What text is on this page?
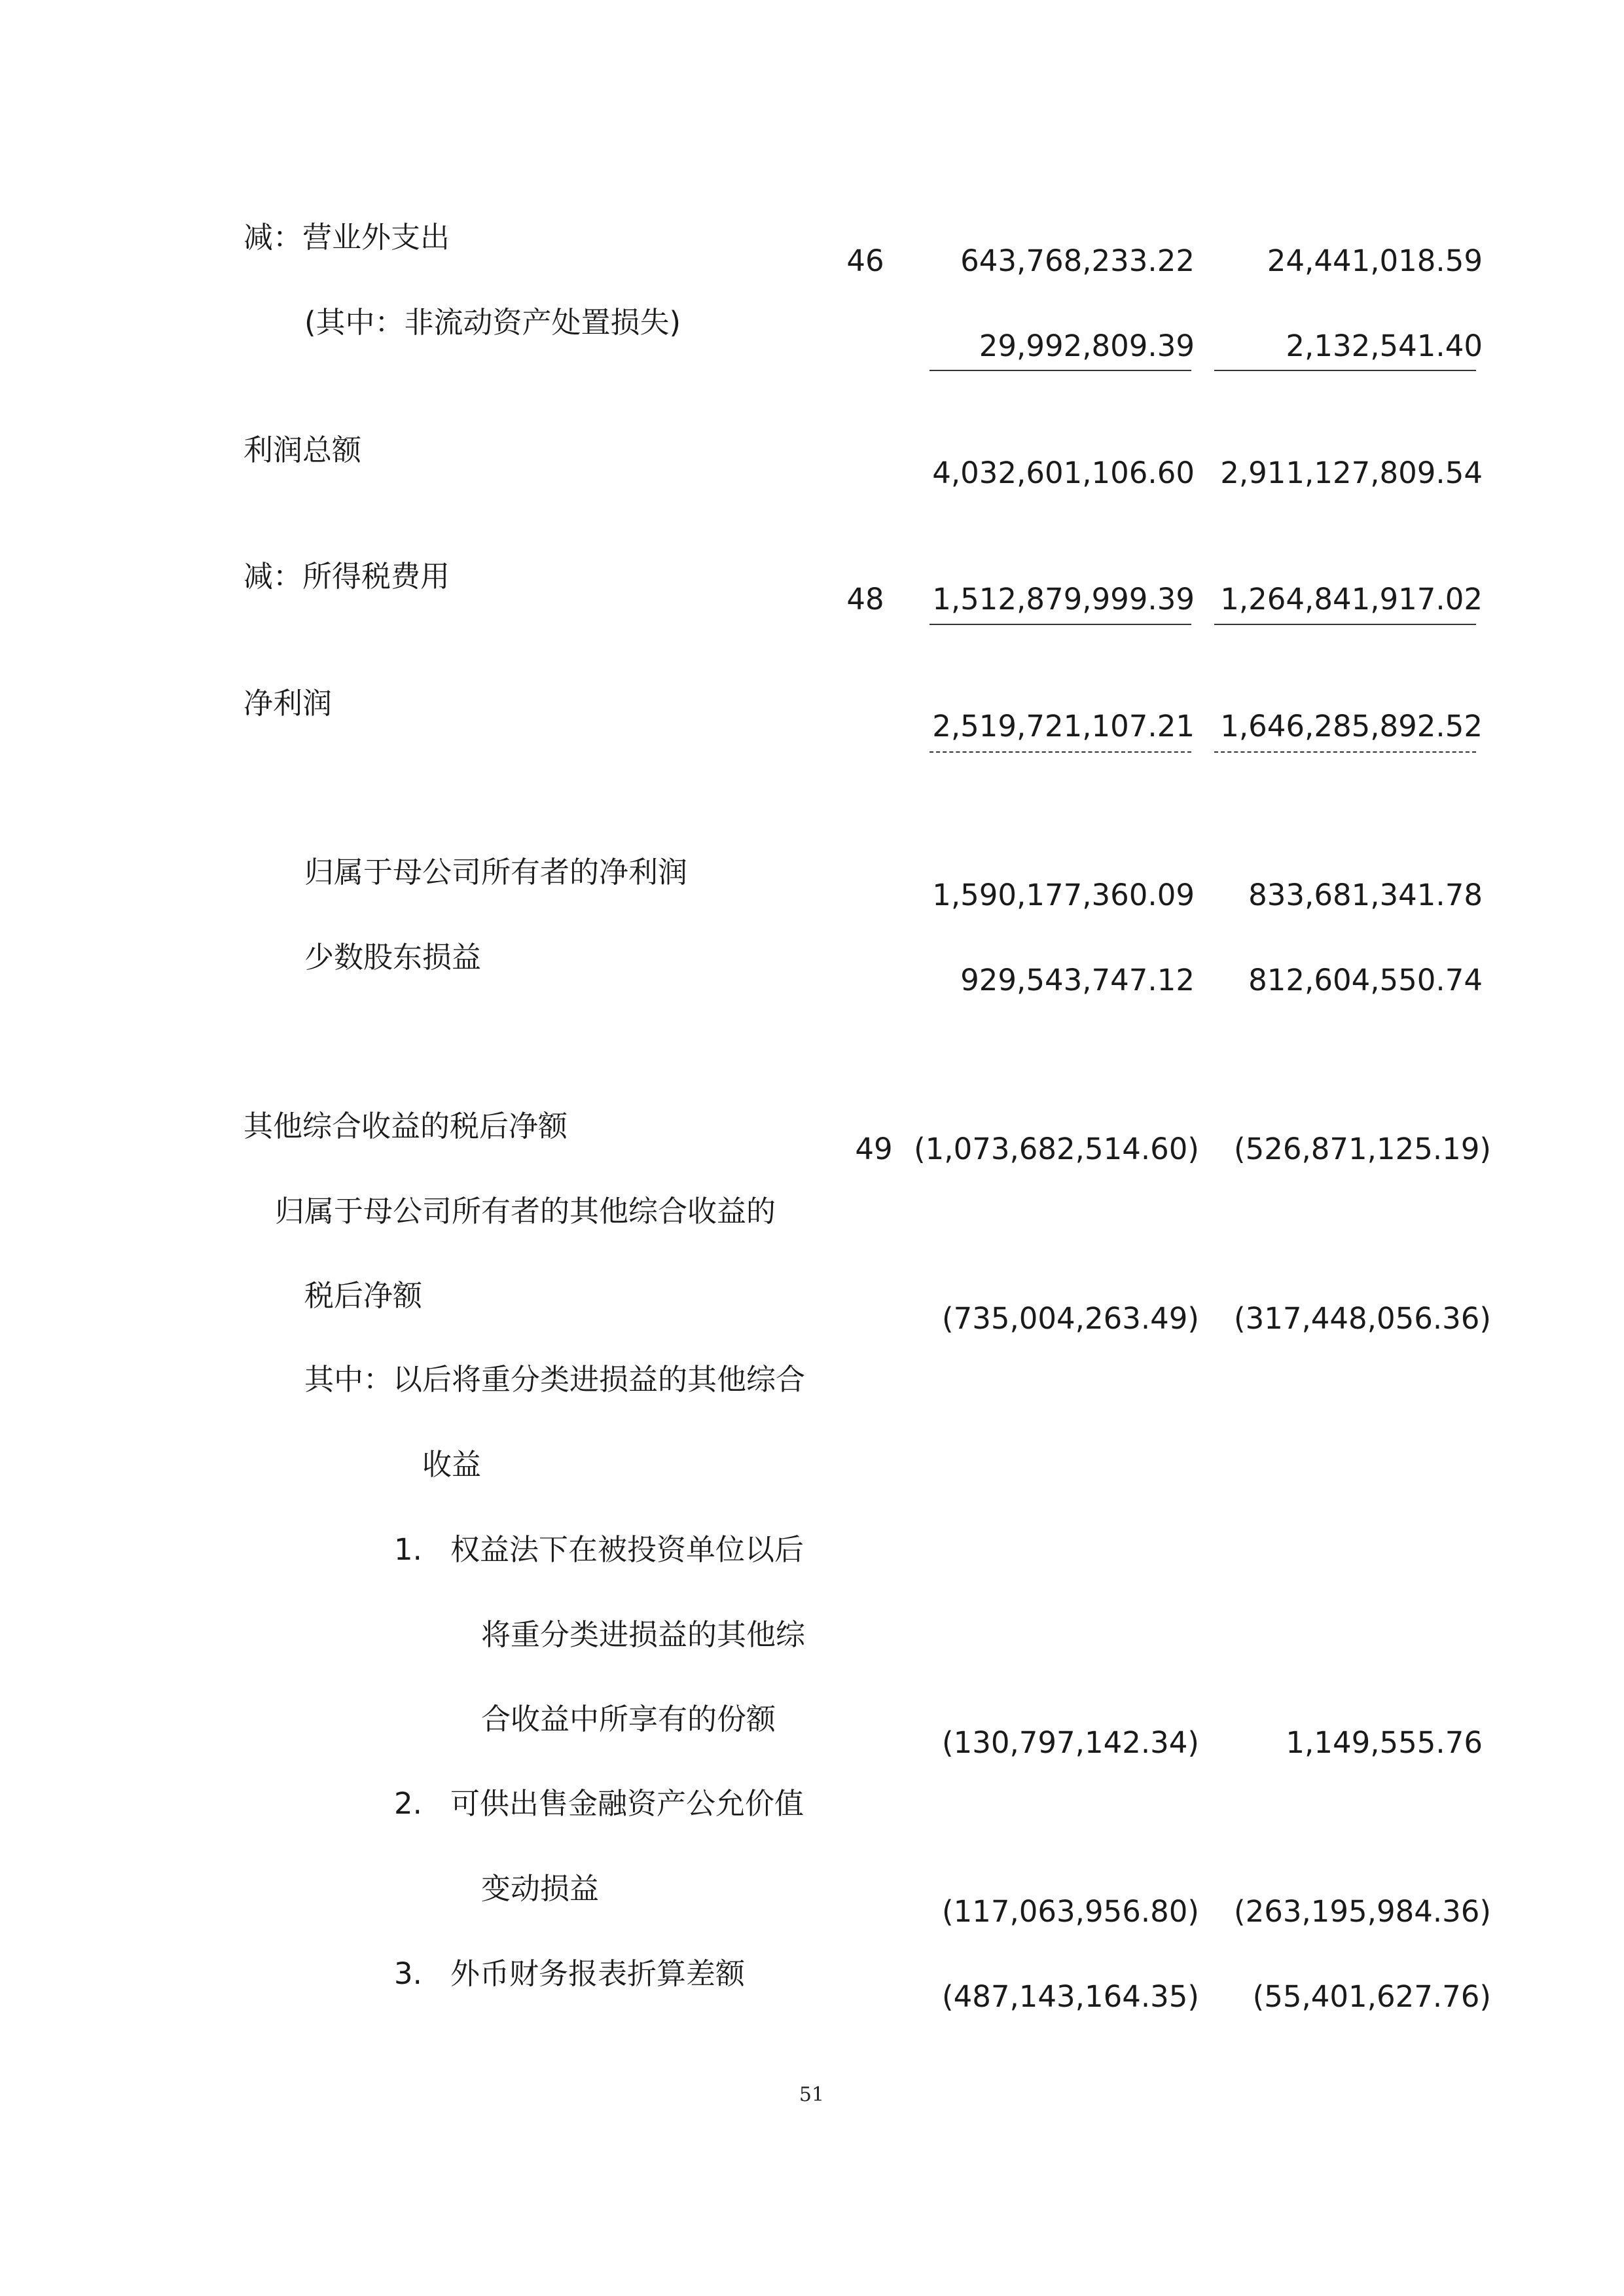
减：营业外支出
46	643,768,233.22	24,441,018.59
(其中：非流动资产处置损失)
29,992,809.39	2,132,541.40
利润总额
4,032,601,106.60 2,911,127,809.54
减：所得税费用
48	1,512,879,999.39 1,264,841,917.02
净利润
2,519,721,107.21 1,646,285,892.52
归属于母公司所有者的净利润
1,590,177,360.09	833,681,341.78
少数股东损益
929,543,747.12	812,604,550.74
其他综合收益的税后净额
49 (1,073,682,514.60)	(526,871,125.19)
归属于母公司所有者的其他综合收益的
税后净额
(735,004,263.49)	(317,448,056.36)
其中：以后将重分类进损益的其他综合
收益
1. 权益法下在被投资单位以后
将重分类进损益的其他综
合收益中所享有的份额
(130,797,142.34)	1,149,555.76
2. 可供出售金融资产公允价值
变动损益
(117,063,956.80)	(263,195,984.36)
3. 外币财务报表折算差额
(487,143,164.35)	(55,401,627.76)
51
